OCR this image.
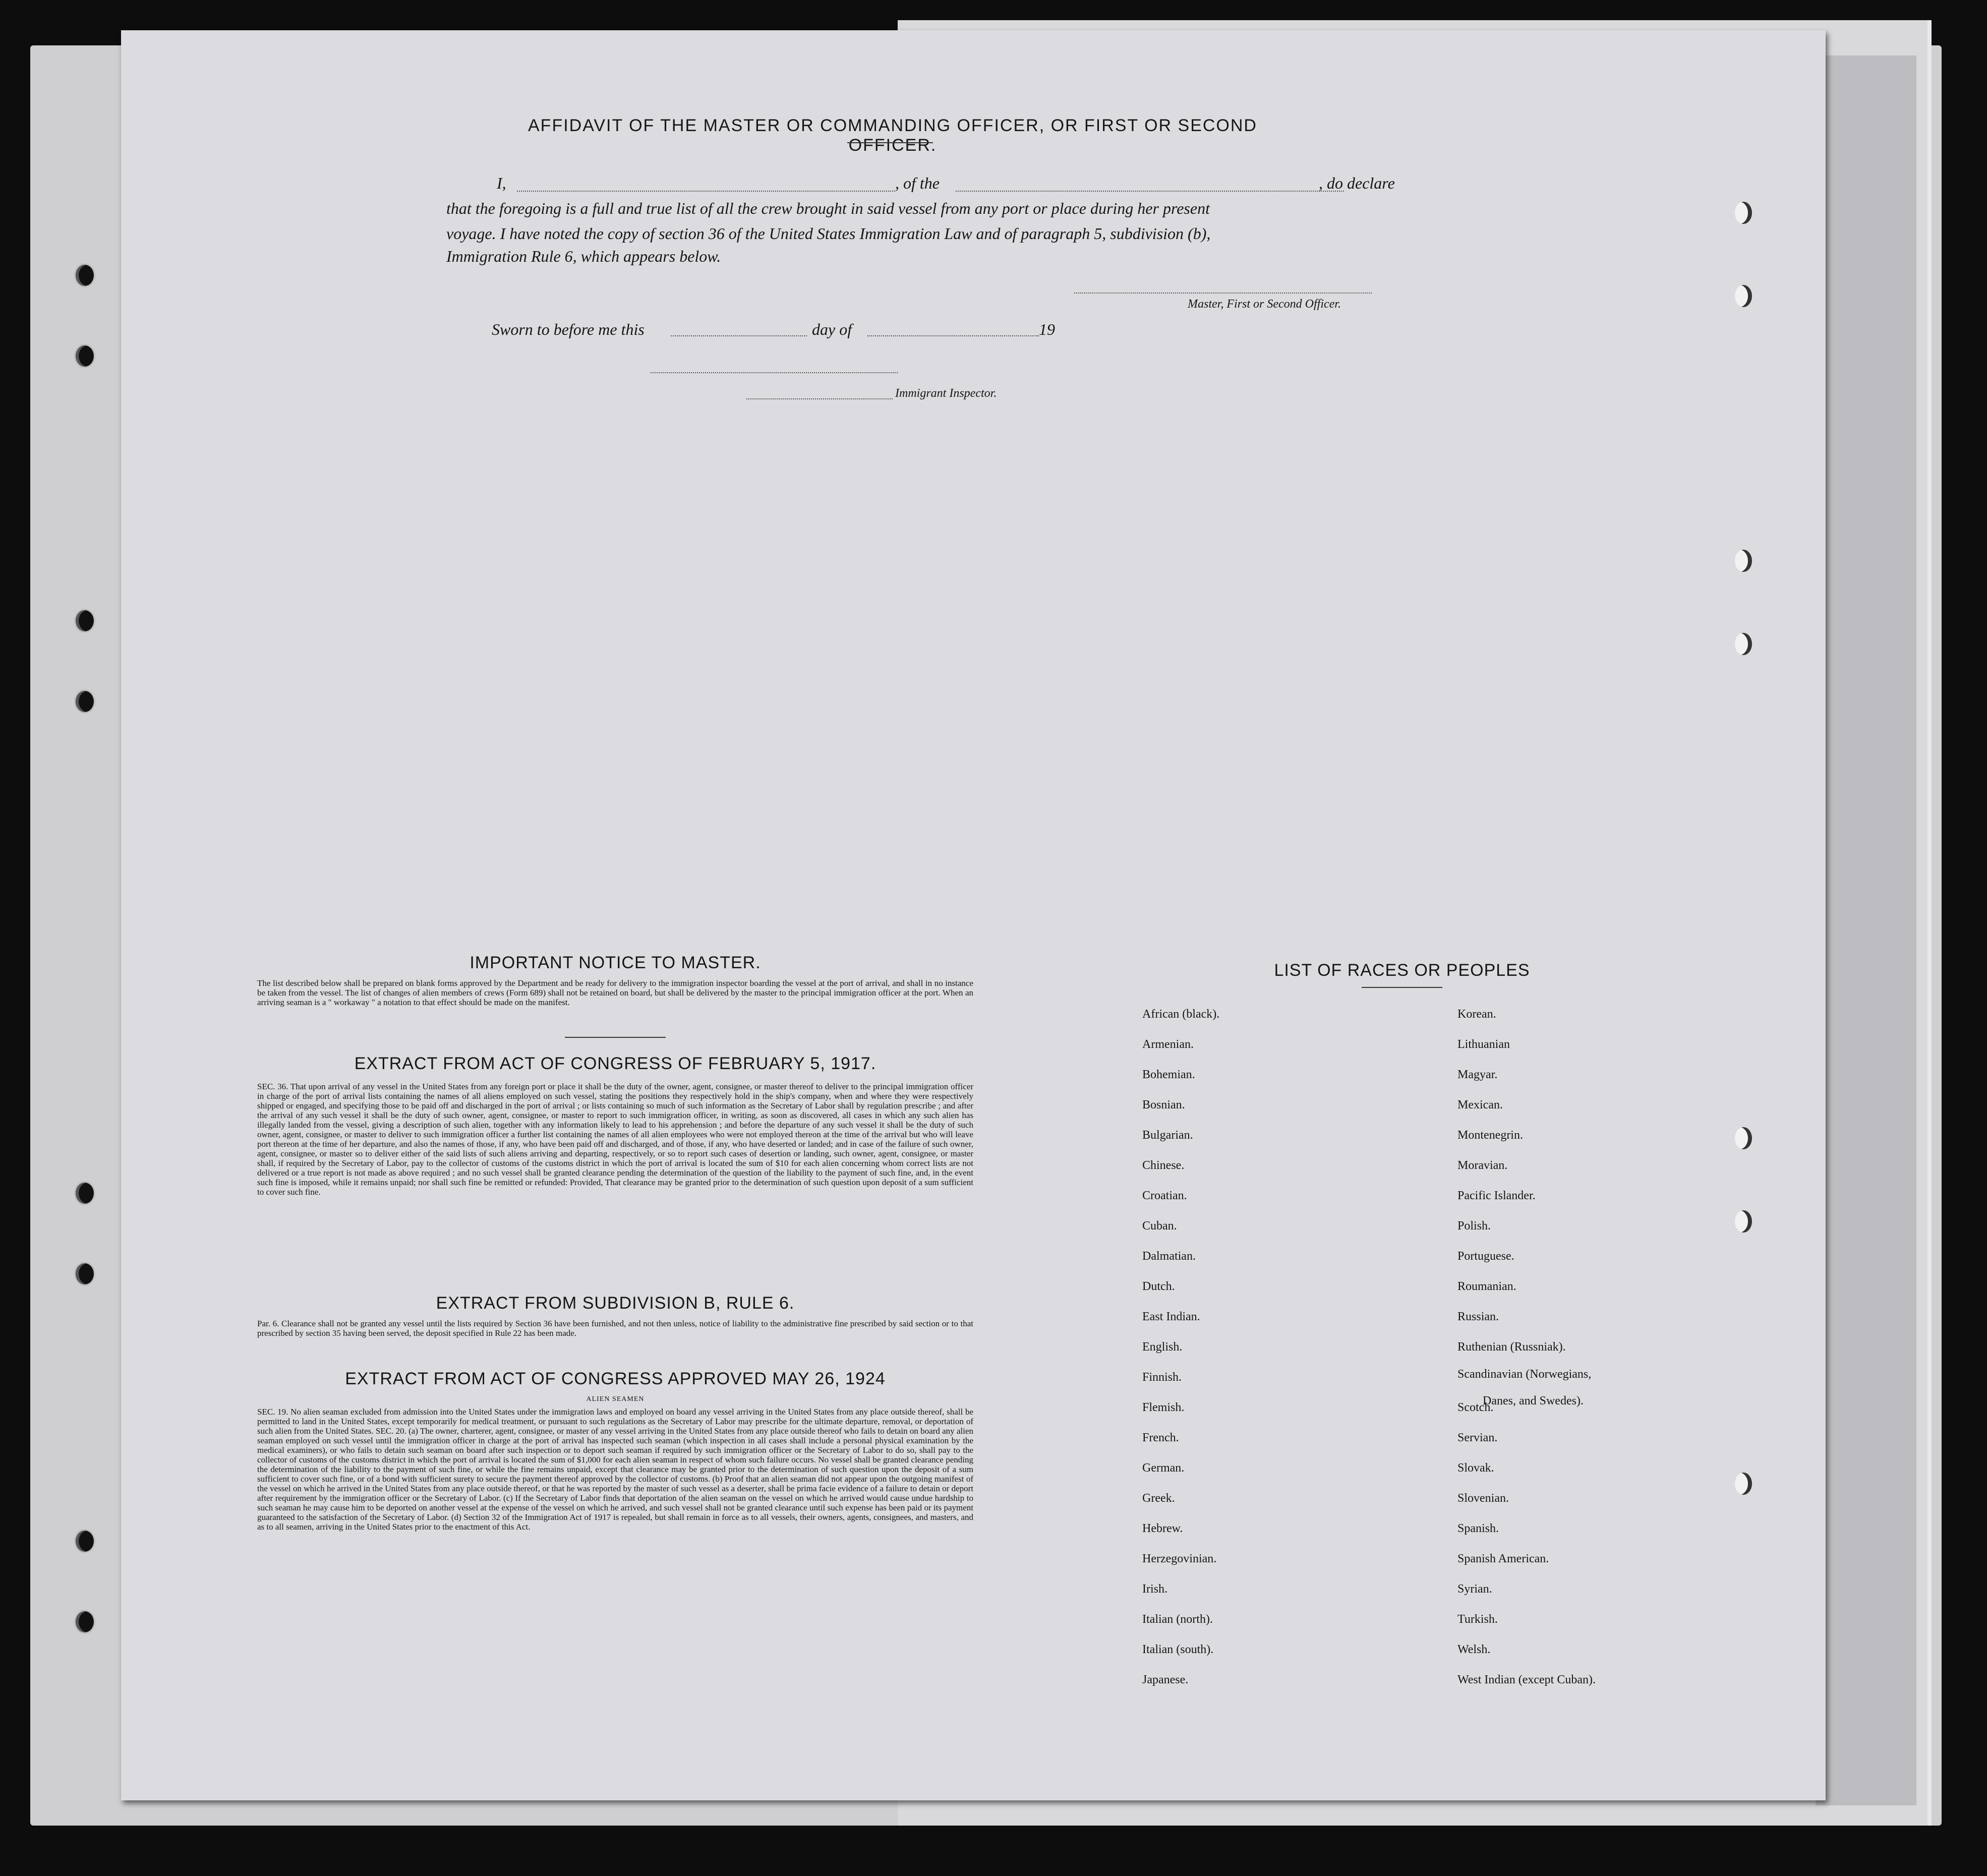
AFFIDAVIT OF THE MASTER OR COMMANDING OFFICER, OR FIRST OR SECOND OFFICER.
I,	, of the	, do declare
that the foregoing is a full and true list of all the crew brought in said vessel from any port or place during her present
voyage. I have noted the copy of section 36 of the United States Immigration Law and of paragraph 5, subdivision (b),
Immigration Rule 6, which appears below.
Master, First or Second Officer.
Sworn to before me this	day of	19
Immigrant Inspector.
IMPORTANT NOTICE TO MASTER.
The list described below shall be prepared on blank forms approved by the Department and be ready for delivery to the immigration inspector boarding the vessel at the port of arrival, and shall in no instance be taken from the vessel. The list of changes of alien members of crews (Form 689) shall not be retained on board, but shall be delivered by the master to the principal immigration officer at the port. When an arriving seaman is a " workaway " a notation to that effect should be made on the manifest.
EXTRACT FROM ACT OF CONGRESS OF FEBRUARY 5, 1917.
SEC. 36. That upon arrival of any vessel in the United States from any foreign port or place it shall be the duty of the owner, agent, consignee, or master thereof to deliver to the principal immigration officer in charge of the port of arrival lists containing the names of all aliens employed on such vessel, stating the positions they respectively hold in the ship's company, when and where they were respectively shipped or engaged, and specifying those to be paid off and discharged in the port of arrival ; or lists containing so much of such information as the Secretary of Labor shall by regulation prescribe ; and after the arrival of any such vessel it shall be the duty of such owner, agent, consignee, or master to report to such immigration officer, in writing, as soon as discovered, all cases in which any such alien has illegally landed from the vessel, giving a description of such alien, together with any information likely to lead to his apprehension ; and before the departure of any such vessel it shall be the duty of such owner, agent, consignee, or master to deliver to such immigration officer a further list containing the names of all alien employees who were not employed thereon at the time of the arrival but who will leave port thereon at the time of her departure, and also the names of those, if any, who have been paid off and discharged, and of those, if any, who have deserted or landed; and in case of the failure of such owner, agent, consignee, or master so to deliver either of the said lists of such aliens arriving and departing, respectively, or so to report such cases of desertion or landing, such owner, agent, consignee, or master shall, if required by the Secretary of Labor, pay to the collector of customs of the customs district in which the port of arrival is located the sum of $10 for each alien concerning whom correct lists are not delivered or a true report is not made as above required ; and no such vessel shall be granted clearance pending the determination of the question of the liability to the payment of such fine, and, in the event such fine is imposed, while it remains unpaid; nor shall such fine be remitted or refunded: Provided, That clearance may be granted prior to the determination of such question upon deposit of a sum sufficient to cover such fine.
EXTRACT FROM SUBDIVISION B, RULE 6.
Par. 6. Clearance shall not be granted any vessel until the lists required by Section 36 have been furnished, and not then unless, notice of liability to the administrative fine prescribed by said section or to that prescribed by section 35 having been served, the deposit specified in Rule 22 has been made.
EXTRACT FROM ACT OF CONGRESS APPROVED MAY 26, 1924
ALIEN SEAMEN
SEC. 19. No alien seaman excluded from admission into the United States under the immigration laws and employed on board any vessel arriving in the United States from any place outside thereof, shall be permitted to land in the United States, except temporarily for medical treatment, or pursuant to such regulations as the Secretary of Labor may prescribe for the ultimate departure, removal, or deportation of such alien from the United States. SEC. 20. (a) The owner, charterer, agent, consignee, or master of any vessel arriving in the United States from any place outside thereof who fails to detain on board any alien seaman employed on such vessel until the immigration officer in charge at the port of arrival has inspected such seaman (which inspection in all cases shall include a personal physical examination by the medical examiners), or who fails to detain such seaman on board after such inspection or to deport such seaman if required by such immigration officer or the Secretary of Labor to do so, shall pay to the collector of customs of the customs district in which the port of arrival is located the sum of $1,000 for each alien seaman in respect of whom such failure occurs. No vessel shall be granted clearance pending the determination of the liability to the payment of such fine, or while the fine remains unpaid, except that clearance may be granted prior to the determination of such question upon the deposit of a sum sufficient to cover such fine, or of a bond with sufficient surety to secure the payment thereof approved by the collector of customs. (b) Proof that an alien seaman did not appear upon the outgoing manifest of the vessel on which he arrived in the United States from any place outside thereof, or that he was reported by the master of such vessel as a deserter, shall be prima facie evidence of a failure to detain or deport after requirement by the immigration officer or the Secretary of Labor. (c) If the Secretary of Labor finds that deportation of the alien seaman on the vessel on which he arrived would cause undue hardship to such seaman he may cause him to be deported on another vessel at the expense of the vessel on which he arrived, and such vessel shall not be granted clearance until such expense has been paid or its payment guaranteed to the satisfaction of the Secretary of Labor. (d) Section 32 of the Immigration Act of 1917 is repealed, but shall remain in force as to all vessels, their owners, agents, consignees, and masters, and as to all seamen, arriving in the United States prior to the enactment of this Act.
LIST OF RACES OR PEOPLES
Danes, and Swedes).
African (black).
Armenian.
Bohemian.
Bosnian.
Bulgarian.
Chinese.
Croatian.
Cuban.
Dalmatian.
Dutch.
East Indian.
English.
Finnish.
Flemish.
French.
German.
Greek.
Hebrew.
Herzegovinian.
Irish.
Italian (north).
Italian (south).
Japanese.
Korean.
Lithuanian
Magyar.
Mexican.
Montenegrin.
Moravian.
Pacific Islander.
Polish.
Portuguese.
Roumanian.
Russian.
Ruthenian (Russniak).
Scandinavian (Norwegians,
Scotch.
Servian.
Slovak.
Slovenian.
Spanish.
Spanish American.
Syrian.
Turkish.
Welsh.
West Indian (except Cuban).
